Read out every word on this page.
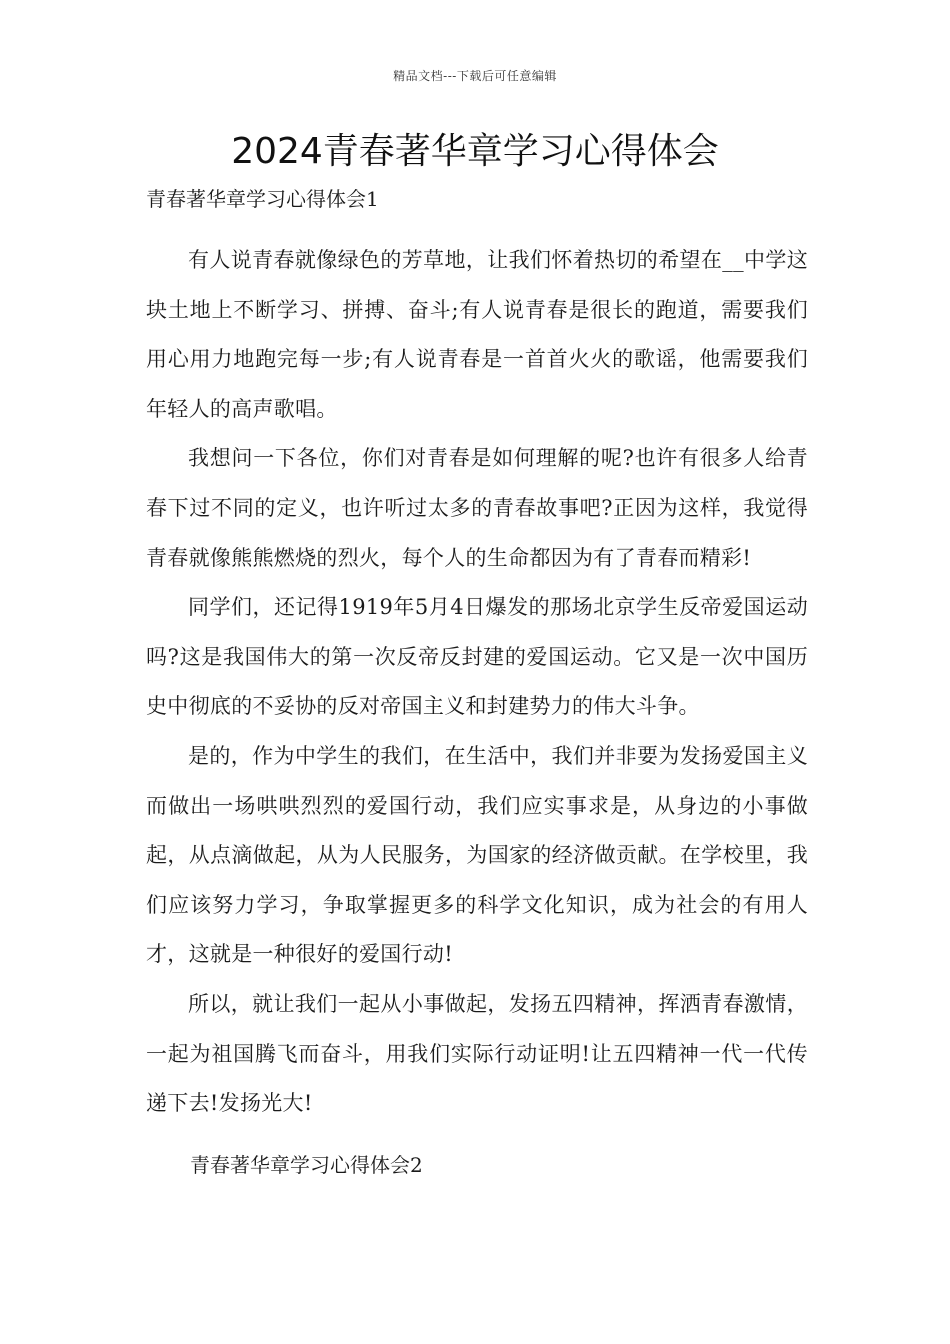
精品文档---下载后可任意编辑
2024青春著华章学习心得体会
青春著华章学习心得体会1

有人说青春就像绿色的芳草地，让我们怀着热切的希望在__中学这块土地上不断学习、拼搏、奋斗;有人说青春是很长的跑道，需要我们用心用力地跑完每一步;有人说青春是一首首火火的歌谣，他需要我们年轻人的高声歌唱。

我想问一下各位，你们对青春是如何理解的呢?也许有很多人给青春下过不同的定义，也许听过太多的青春故事吧?正因为这样，我觉得青春就像熊熊燃烧的烈火，每个人的生命都因为有了青春而精彩!

同学们，还记得1919年5月4日爆发的那场北京学生反帝爱国运动吗?这是我国伟大的第一次反帝反封建的爱国运动。它又是一次中国历史中彻底的不妥协的反对帝国主义和封建势力的伟大斗争。

是的，作为中学生的我们，在生活中，我们并非要为发扬爱国主义而做出一场哄哄烈烈的爱国行动，我们应实事求是，从身边的小事做起，从点滴做起，从为人民服务，为国家的经济做贡献。在学校里，我们应该努力学习，争取掌握更多的科学文化知识，成为社会的有用人才，这就是一种很好的爱国行动!

所以，就让我们一起从小事做起，发扬五四精神，挥洒青春激情，一起为祖国腾飞而奋斗，用我们实际行动证明!让五四精神一代一代传递下去!发扬光大!

青春著华章学习心得体会2
